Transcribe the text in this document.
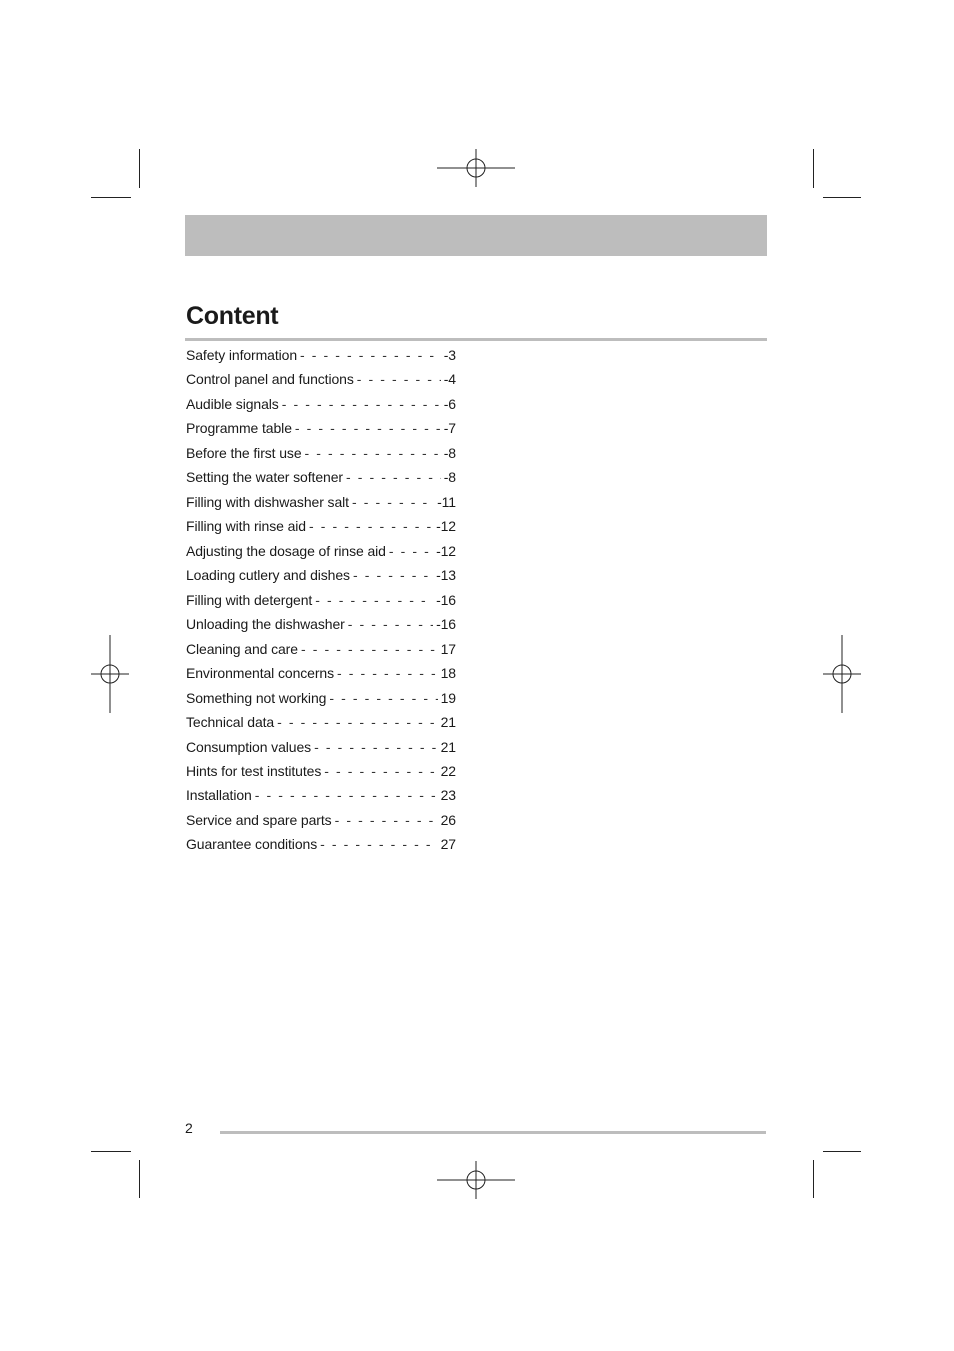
Content
Safety information - - -	-3
Control panel and functions - - -	-4
Audible signals - - -	-6
Programme table - - -	-7
Before the first use - - -	-8
Setting the water softener - - -	-8
Filling with dishwasher salt - - -	-11
Filling with rinse aid - - -	-12
Adjusting the dosage of rinse aid - - -	-12
Loading cutlery and dishes - - -	-13
Filling with detergent - - -	-16
Unloading the dishwasher - - -	-16
Cleaning and care - - -	17
Environmental concerns - - -	18
Something not working - - -	19
Technical data - - -	21
Consumption values - - -	21
Hints for test institutes - - -	22
Installation - - -	23
Service and spare parts - - -	26
Guarantee conditions - - -	27
2
